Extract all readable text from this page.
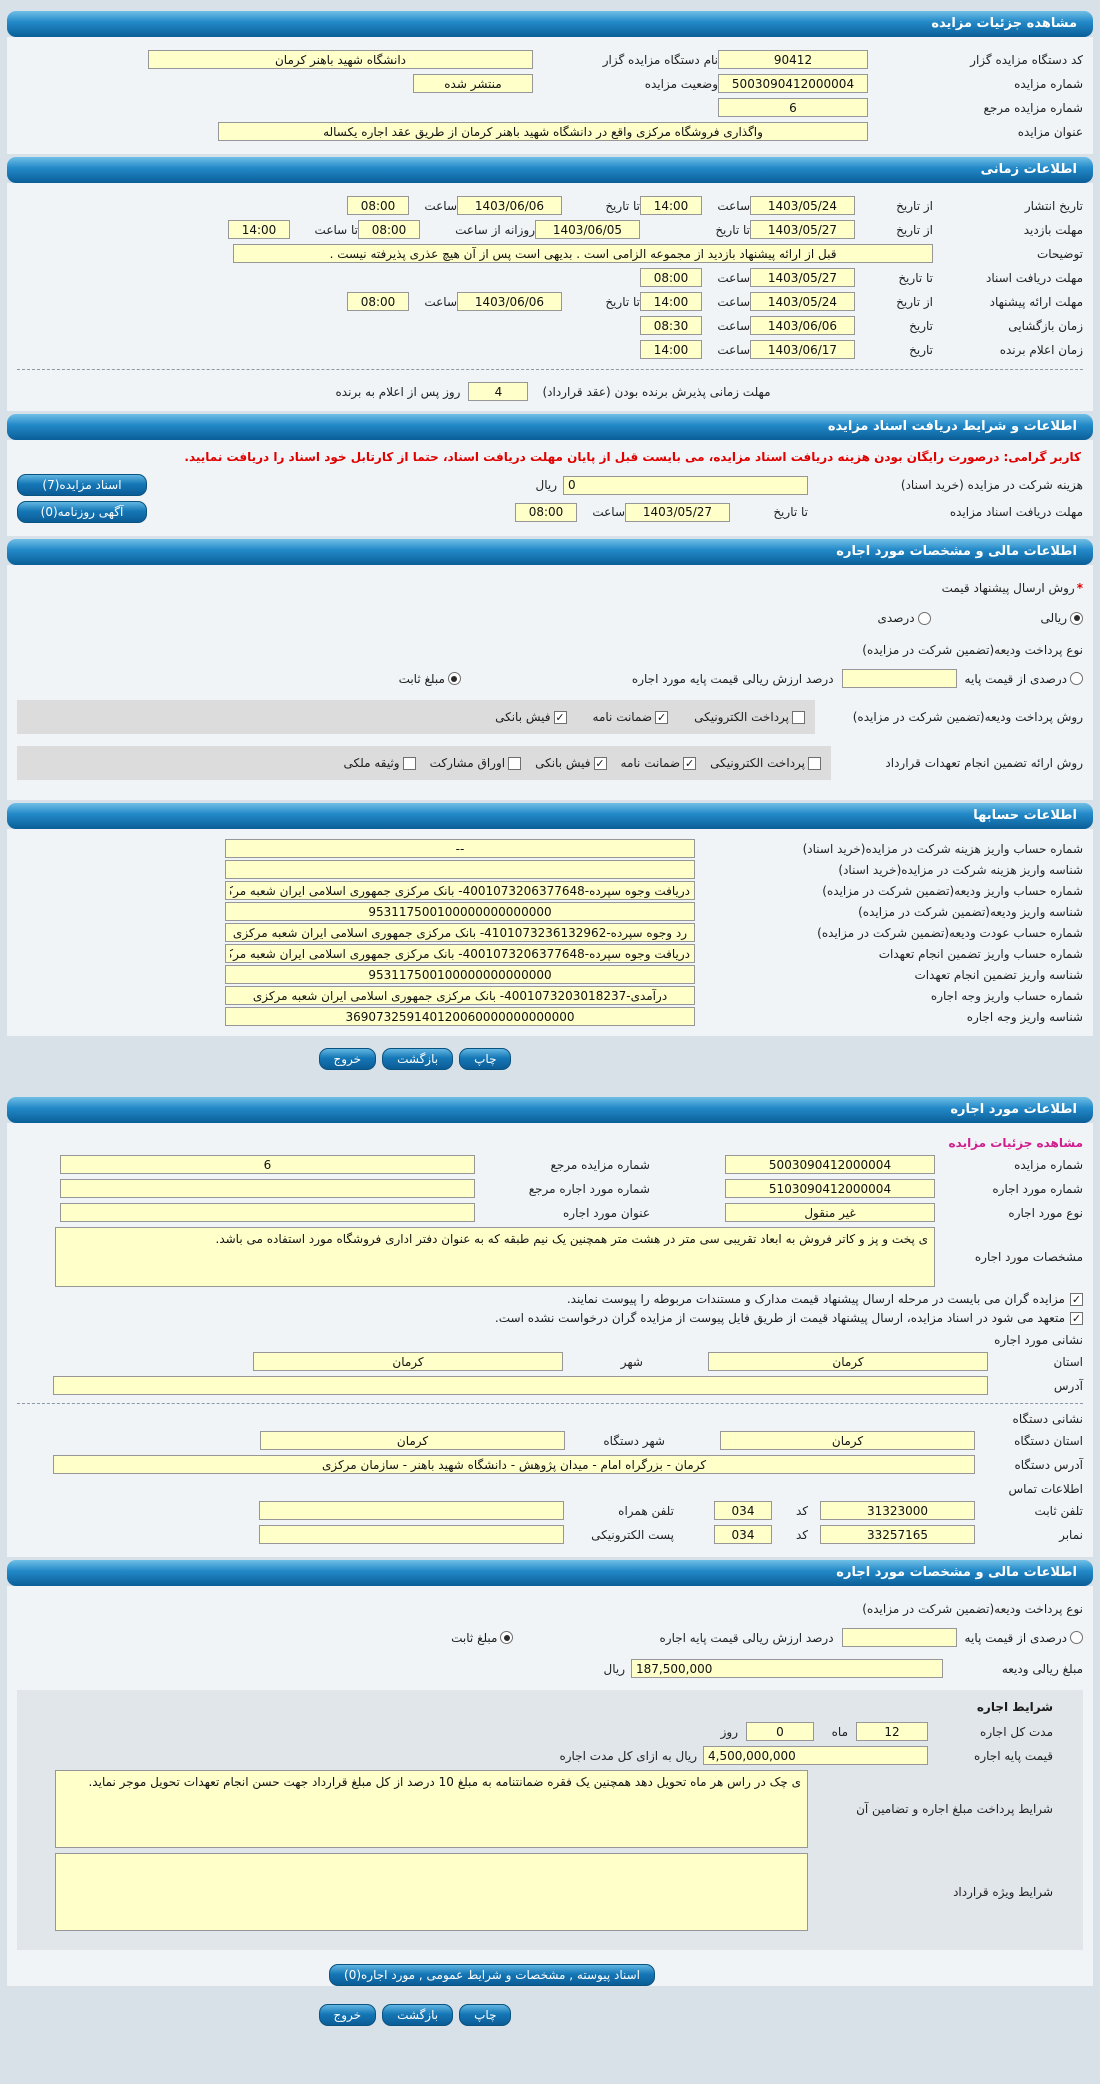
مشاهده جزئیات مزایده
کد دستگاه مزایده گزار
90412
نام دستگاه مزایده گزار
دانشگاه شهید باهنر کرمان
شماره مزایده
5003090412000004
وضعیت مزایده
منتشر شده
شماره مزایده مرجع
6
عنوان مزایده
واگذاری فروشگاه مرکزی واقع در دانشگاه شهید باهنر کرمان از طریق عقد اجاره یکساله
اطلاعات زمانی
تاریخ انتشار
از تاریخ
1403/05/24
ساعت
14:00
تا تاریخ
1403/06/06
ساعت
08:00
مهلت بازدید
از تاریخ
1403/05/27
تا تاریخ
1403/06/05
روزانه از ساعت
08:00
تا ساعت
14:00
توضیحات
قبل از ارائه پیشنهاد بازدید از مجموعه الزامی است . بدیهی است پس از آن هیچ عذری پذیرفته نیست .
مهلت دریافت اسناد
تا تاریخ
1403/05/27
ساعت
08:00
مهلت ارائه پیشنهاد
از تاریخ
1403/05/24
ساعت
14:00
تا تاریخ
1403/06/06
ساعت
08:00
زمان بازگشایی
تاریخ
1403/06/06
ساعت
08:30
زمان اعلام برنده
تاریخ
1403/06/17
ساعت
14:00
مهلت زمانی پذیرش برنده بودن (عقد قرارداد)
4
روز پس از اعلام به برنده
اطلاعات و شرایط دریافت اسناد مزایده
کاربر گرامی: درصورت رایگان بودن هزینه دریافت اسناد مزایده، می بایست قبل از پایان مهلت دریافت اسناد، حتما از کارتابل خود اسناد را دریافت نمایید.
هزینه شرکت در مزایده (خرید اسناد)
0
ریال
اسناد مزایده(7)
مهلت دریافت اسناد مزایده
تا تاریخ
1403/05/27
ساعت
08:00
آگهی روزنامه(0)
اطلاعات مالی و مشخصات مورد اجاره
*
روش ارسال پیشنهاد قیمت
ریالی
درصدی
نوع پرداخت ودیعه(تضمین شرکت در مزایده)
درصدی از قیمت پایه
درصد ارزش ریالی قیمت پایه مورد اجاره
مبلغ ثابت
روش پرداخت ودیعه(تضمین شرکت در مزایده)
پرداخت الکترونیکی
✓
ضمانت نامه
✓
فیش بانکی
روش ارائه تضمین انجام تعهدات قرارداد
پرداخت الکترونیکی
✓
ضمانت نامه
✓
فیش بانکی
اوراق مشارکت
وثیقه ملکی
اطلاعات حسابها
شماره حساب واریز هزینه شرکت در مزایده(خرید اسناد)
--
شناسه واریز هزینه شرکت در مزایده(خرید اسناد)
شماره حساب واریز ودیعه(تضمین شرکت در مزایده)
دریافت وجوه سپرده-4001073206377648- بانک مرکزی جمهوری اسلامی ایران شعبه مرکزی
شناسه واریز ودیعه(تضمین شرکت در مزایده)
953117500100000000000000
شماره حساب عودت ودیعه(تضمین شرکت در مزایده)
رد وجوه سپرده-4101073236132962- بانک مرکزی جمهوری اسلامی ایران شعبه مرکزی
شماره حساب واریز تضمین انجام تعهدات
دریافت وجوه سپرده-4001073206377648- بانک مرکزی جمهوری اسلامی ایران شعبه مرکزی
شناسه واریز تضمین انجام تعهدات
953117500100000000000000
شماره حساب واریز وجه اجاره
درآمدی-4001073203018237- بانک مرکزی جمهوری اسلامی ایران شعبه مرکزی
شناسه واریز وجه اجاره
369073259140120060000000000000
چاپ
بازگشت
خروج
اطلاعات مورد اجاره
مشاهده جزئیات مزایده
شماره مزایده
5003090412000004
شماره مزایده مرجع
6
شماره مورد اجاره
5103090412000004
شماره مورد اجاره مرجع
نوع مورد اجاره
غیر منقول
عنوان مورد اجاره
مشخصات مورد اجاره
ی پخت و پز و کاتر فروش به ابعاد تقریبی سی متر در هشت متر همچنین یک نیم طبقه که به عنوان دفتر اداری فروشگاه مورد استفاده می باشد.
✓
مزایده گران می بایست در مرحله ارسال پیشنهاد قیمت مدارک و مستندات مربوطه را پیوست نمایند.
✓
متعهد می شود در اسناد مزایده، ارسال پیشنهاد قیمت از طریق فایل پیوست از مزایده گران درخواست نشده است.
نشانی مورد اجاره
استان
کرمان
شهر
کرمان
آدرس
نشانی دستگاه
استان دستگاه
کرمان
شهر دستگاه
کرمان
آدرس دستگاه
کرمان - بزرگراه امام - میدان پژوهش - دانشگاه شهید باهنر - سازمان مرکزی
اطلاعات تماس
تلفن ثابت
31323000
کد
034
تلفن همراه
نمابر
33257165
کد
034
پست الکترونیکی
اطلاعات مالی و مشخصات مورد اجاره
نوع پرداخت ودیعه(تضمین شرکت در مزایده)
درصدی از قیمت پایه
درصد ارزش ریالی قیمت پایه اجاره
مبلغ ثابت
مبلغ ریالی ودیعه
187,500,000
ریال
شرایط اجاره
مدت کل اجاره
12
ماه
0
روز
قیمت پایه اجاره
4,500,000,000
ریال به ازای کل مدت اجاره
شرایط پرداخت مبلغ اجاره و تضامین آن
ی چک در راس هر ماه تحویل دهد همچنین یک فقره ضمانتنامه به مبلغ 10 درصد از کل مبلغ قرارداد جهت حسن انجام تعهدات تحویل موجر نماید.
شرایط ویژه قرارداد
اسناد پیوسته , مشخصات و شرایط عمومی , مورد اجاره(0)
چاپ
بازگشت
خروج
